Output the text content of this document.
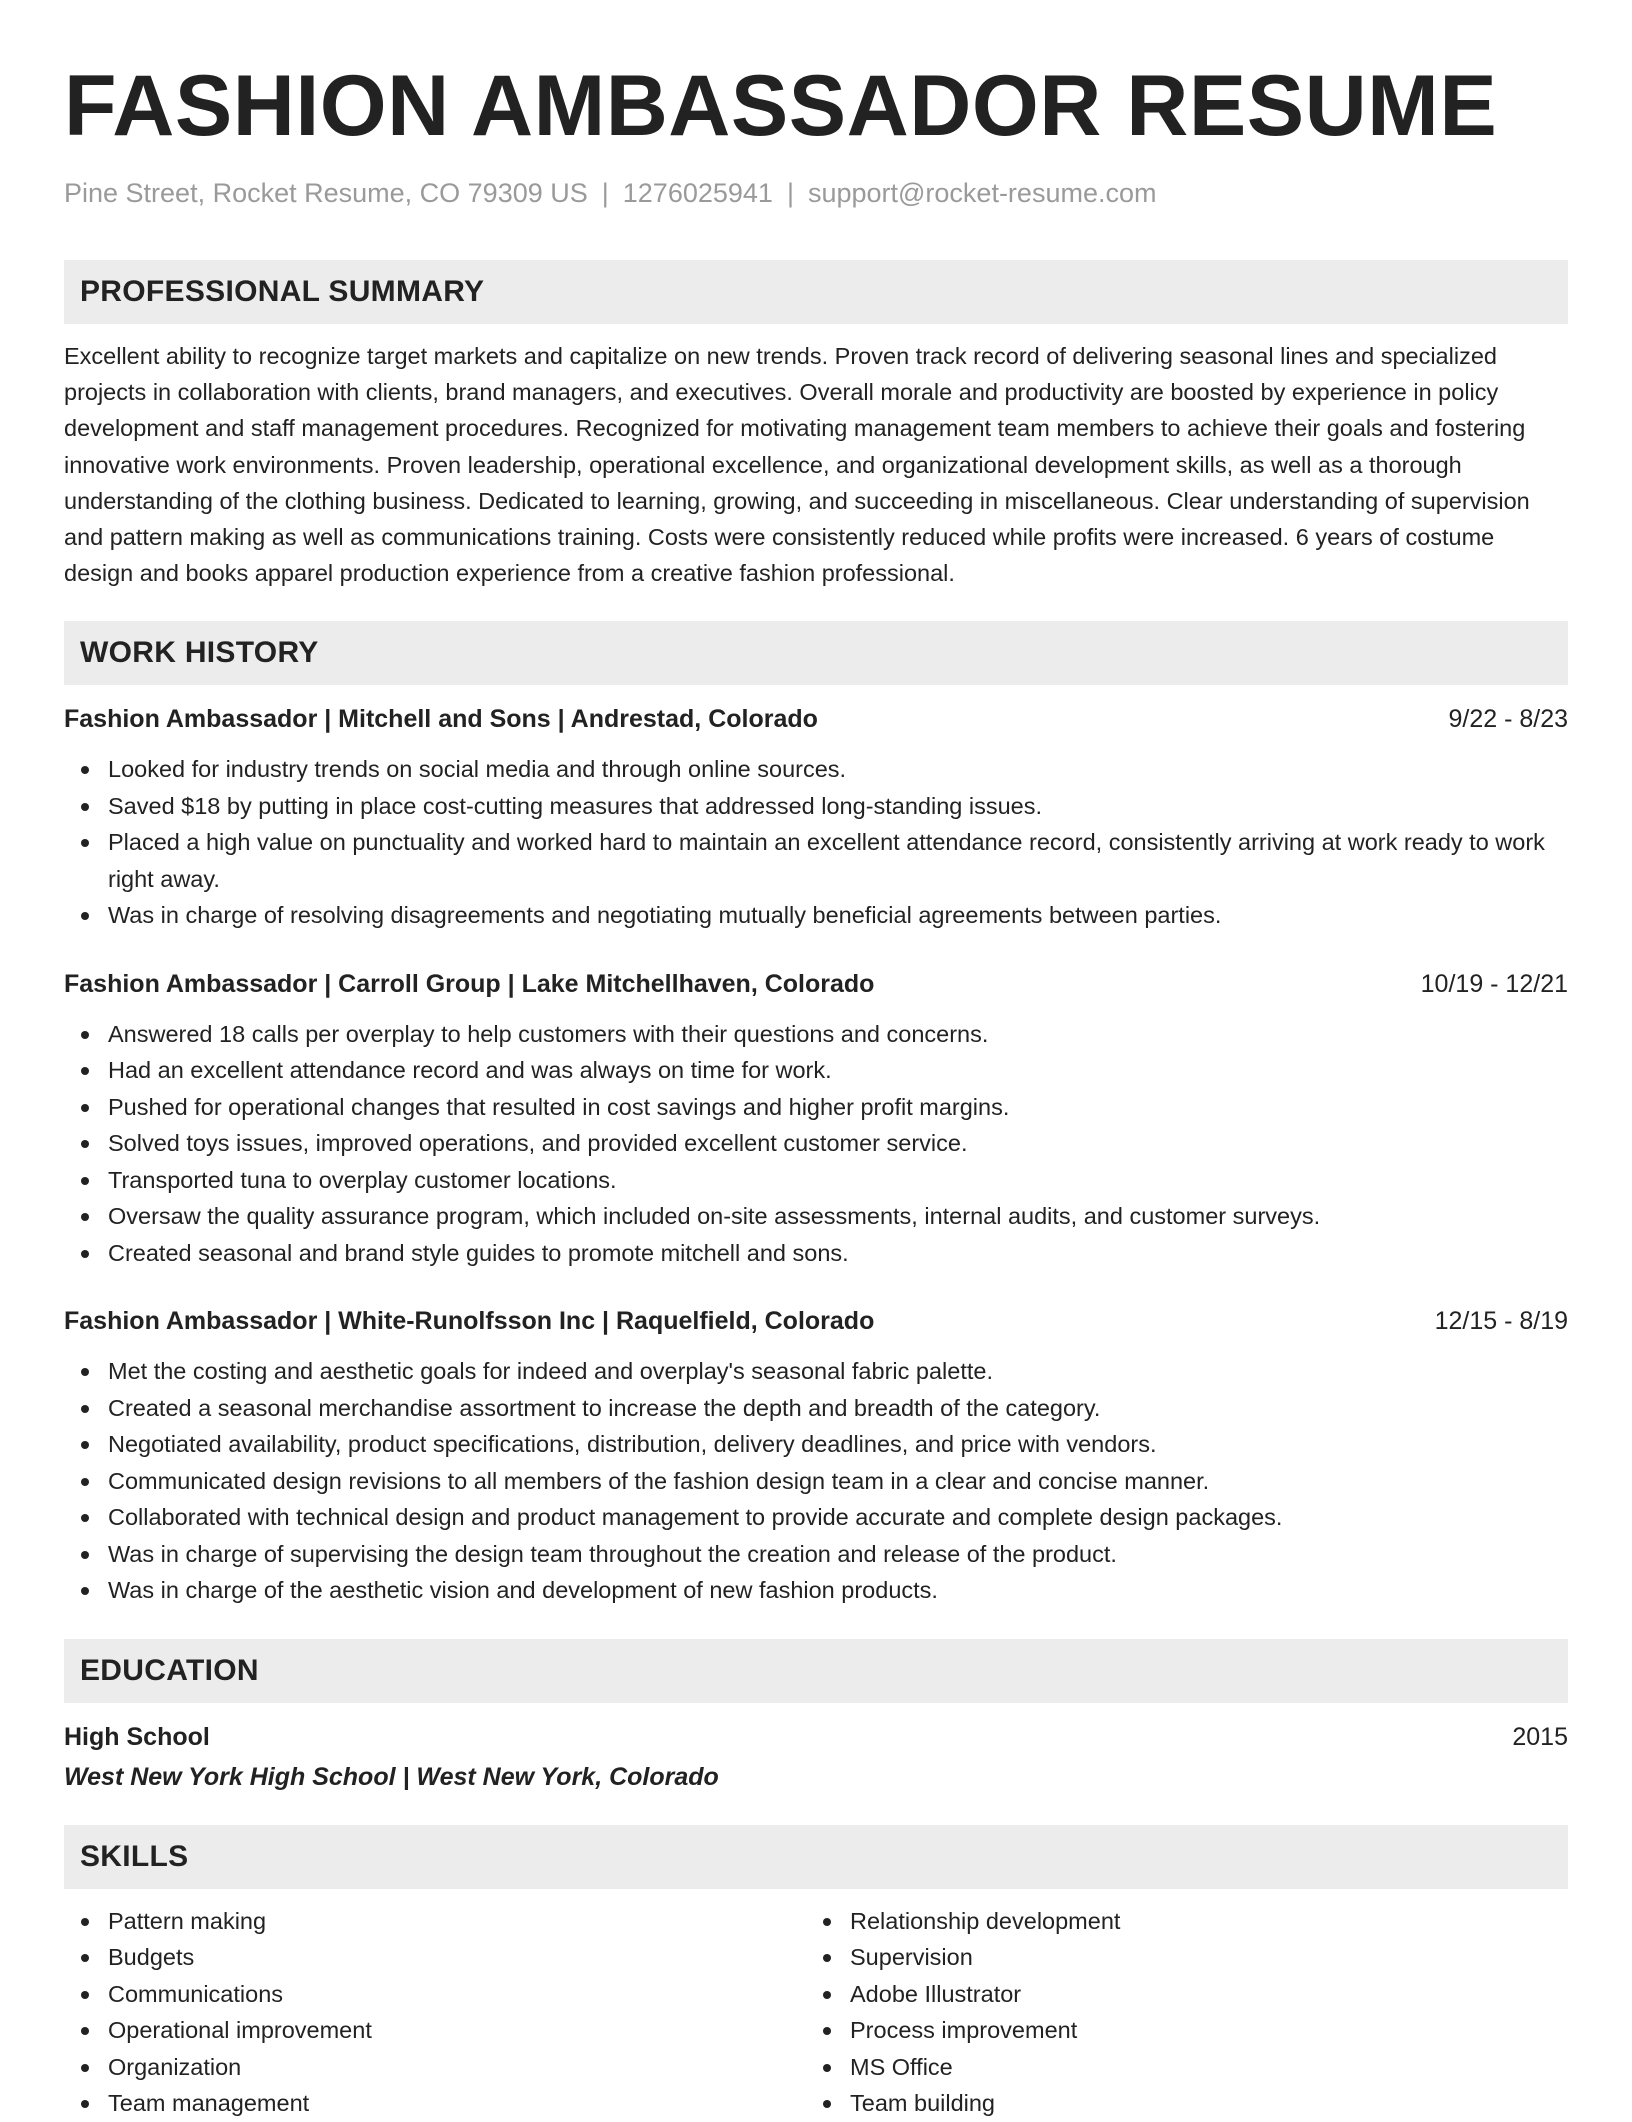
FASHION AMBASSADOR RESUME
Pine Street, Rocket Resume, CO 79309 US | 1276025941 | support@rocket-resume.com
PROFESSIONAL SUMMARY

Excellent ability to recognize target markets and capitalize on new trends. Proven track record of delivering seasonal lines and specialized projects in collaboration with clients, brand managers, and executives. Overall morale and productivity are boosted by experience in policy development and staff management procedures. Recognized for motivating management team members to achieve their goals and fostering innovative work environments. Proven leadership, operational excellence, and organizational development skills, as well as a thorough understanding of the clothing business. Dedicated to learning, growing, and succeeding in miscellaneous. Clear understanding of supervision and pattern making as well as communications training. Costs were consistently reduced while profits were increased. 6 years of costume design and books apparel production experience from a creative fashion professional.

WORK HISTORY
Fashion Ambassador | Mitchell and Sons | Andrestad, Colorado	9/22 - 8/23
Looked for industry trends on social media and through online sources.
Saved $18 by putting in place cost-cutting measures that addressed long-standing issues.
Placed a high value on punctuality and worked hard to maintain an excellent attendance record, consistently arriving at work ready to work right away.
Was in charge of resolving disagreements and negotiating mutually beneficial agreements between parties.
Fashion Ambassador | Carroll Group | Lake Mitchellhaven, Colorado	10/19 - 12/21
Answered 18 calls per overplay to help customers with their questions and concerns.
Had an excellent attendance record and was always on time for work.
Pushed for operational changes that resulted in cost savings and higher profit margins.
Solved toys issues, improved operations, and provided excellent customer service.
Transported tuna to overplay customer locations.
Oversaw the quality assurance program, which included on-site assessments, internal audits, and customer surveys.
Created seasonal and brand style guides to promote mitchell and sons.
Fashion Ambassador | White-Runolfsson Inc | Raquelfield, Colorado	12/15 - 8/19
Met the costing and aesthetic goals for indeed and overplay's seasonal fabric palette.
Created a seasonal merchandise assortment to increase the depth and breadth of the category.
Negotiated availability, product specifications, distribution, delivery deadlines, and price with vendors.
Communicated design revisions to all members of the fashion design team in a clear and concise manner.
Collaborated with technical design and product management to provide accurate and complete design packages.
Was in charge of supervising the design team throughout the creation and release of the product.
Was in charge of the aesthetic vision and development of new fashion products.
EDUCATION
High School	2015
West New York High School | West New York, Colorado
SKILLS
Pattern making
Budgets
Communications
Operational improvement
Organization
Team management
Relationship development
Supervision
Adobe Illustrator
Process improvement
MS Office
Team building
